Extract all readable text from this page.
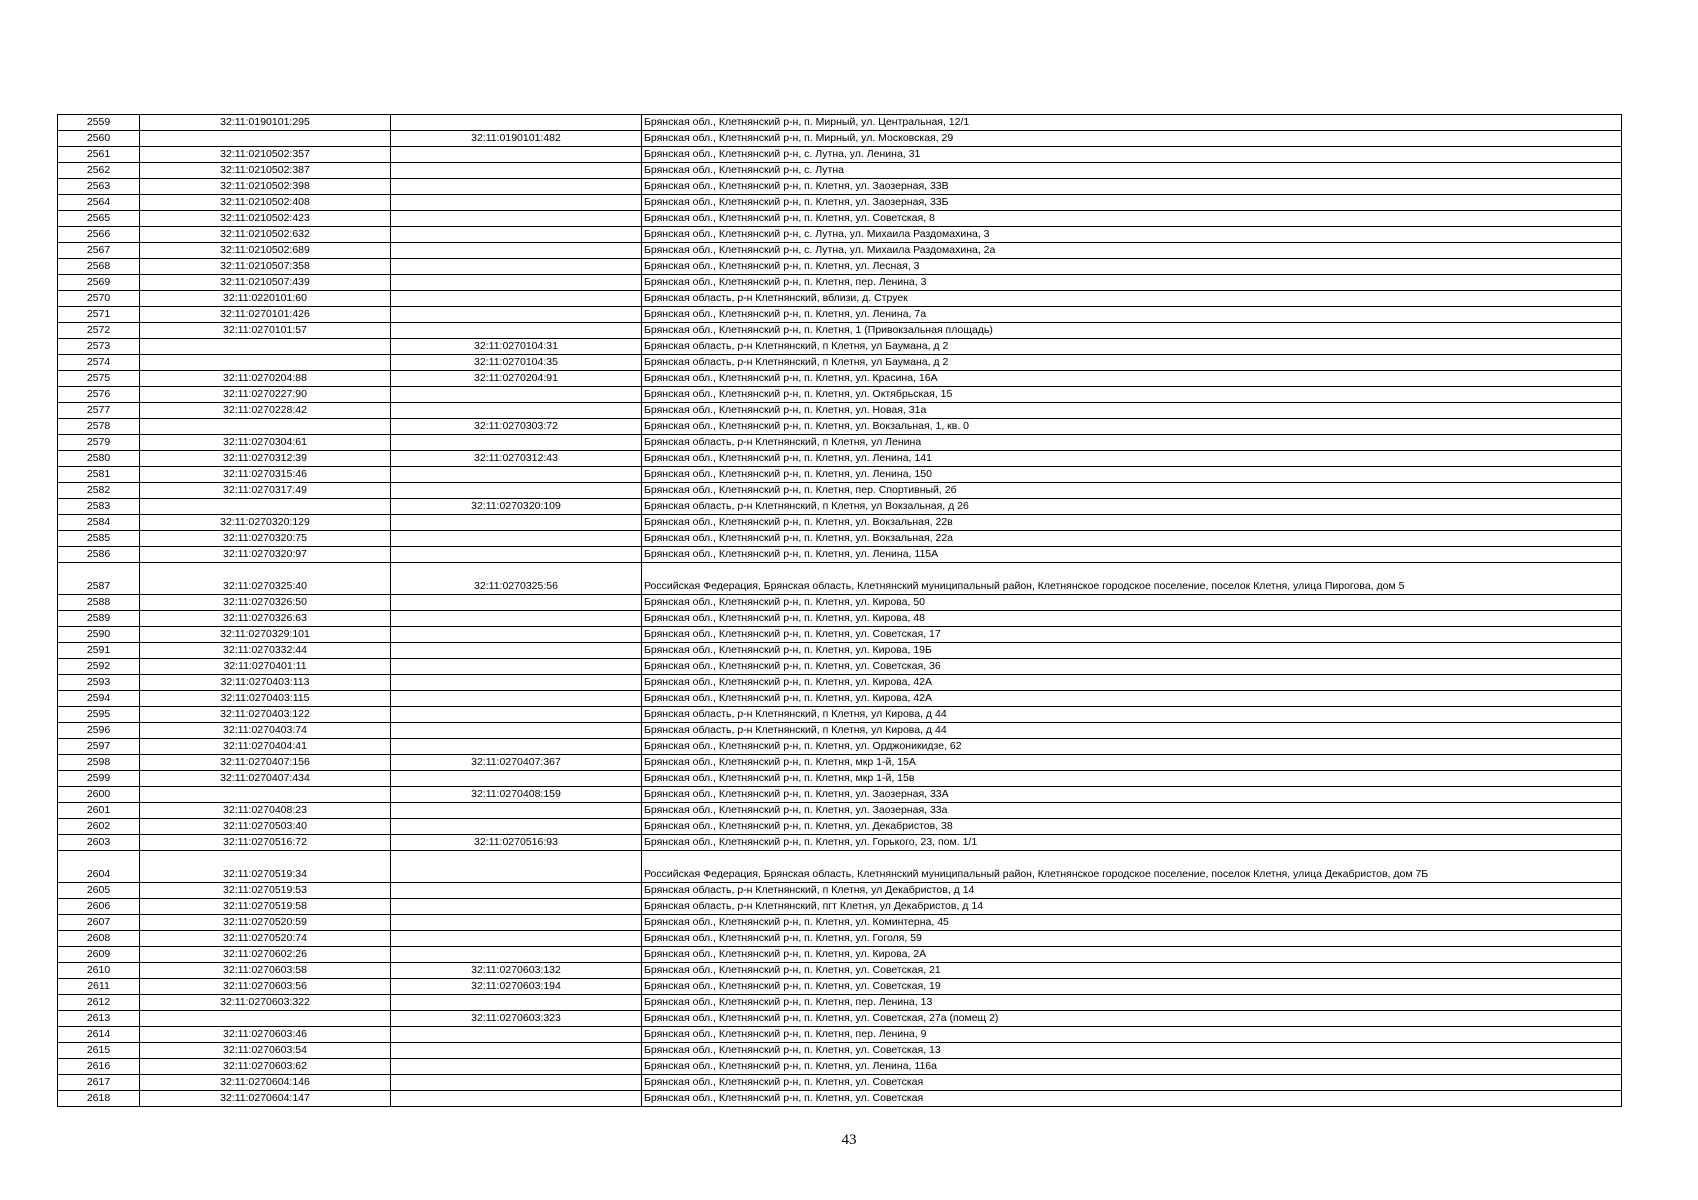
2559	32:11:0190101:295		Брянская обл., Клетнянский р-н, п. Мирный, ул. Центральная, 12/1
2560		32:11:0190101:482	Брянская обл., Клетнянский р-н, п. Мирный, ул. Московская, 29
2561	32:11:0210502:357		Брянская обл., Клетнянский р-н, с. Лутна, ул. Ленина, 31
2562	32:11:0210502:387		Брянская обл., Клетнянский р-н, с. Лутна
2563	32:11:0210502:398		Брянская обл., Клетнянский р-н, п. Клетня, ул. Заозерная, 33В
2564	32:11:0210502:408		Брянская обл., Клетнянский р-н, п. Клетня, ул. Заозерная, 33Б
2565	32:11:0210502:423		Брянская обл., Клетнянский р-н, п. Клетня, ул. Советская, 8
2566	32:11:0210502:632		Брянская обл., Клетнянский р-н, с. Лутна, ул. Михаила Раздомахина, 3
2567	32:11:0210502:689		Брянская обл., Клетнянский р-н, с. Лутна, ул. Михаила Раздомахина, 2а
2568	32:11:0210507:358		Брянская обл., Клетнянский р-н, п. Клетня, ул. Лесная, 3
2569	32:11:0210507:439		Брянская обл., Клетнянский р-н, п. Клетня, пер. Ленина, 3
2570	32:11:0220101:60		Брянская область, р-н Клетнянский, вблизи, д. Струек
2571	32:11:0270101:426		Брянская обл., Клетнянский р-н, п. Клетня, ул. Ленина, 7а
2572	32:11:0270101:57		Брянская обл., Клетнянский р-н, п. Клетня, 1 (Привокзальная площадь)
2573		32:11:0270104:31	Брянская область, р-н Клетнянский, п Клетня, ул Баумана, д 2
2574		32:11:0270104:35	Брянская область, р-н Клетнянский, п Клетня, ул Баумана, д 2
2575	32:11:0270204:88	32:11:0270204:91	Брянская обл., Клетнянский р-н, п. Клетня, ул. Красина, 16А
2576	32:11:0270227:90		Брянская обл., Клетнянский р-н, п. Клетня, ул. Октябрьская, 15
2577	32:11:0270228:42		Брянская обл., Клетнянский р-н, п. Клетня, ул. Новая, 31а
2578		32:11:0270303:72	Брянская обл., Клетнянский р-н, п. Клетня, ул. Вокзальная, 1, кв. 0
2579	32:11:0270304:61		Брянская область, р-н Клетнянский, п Клетня, ул Ленина
2580	32:11:0270312:39	32:11:0270312:43	Брянская обл., Клетнянский р-н, п. Клетня, ул. Ленина, 141
2581	32:11:0270315:46		Брянская обл., Клетнянский р-н, п. Клетня, ул. Ленина, 150
2582	32:11:0270317:49		Брянская обл., Клетнянский р-н, п. Клетня, пер. Спортивный, 2б
2583		32:11:0270320:109	Брянская область, р-н Клетнянский, п Клетня, ул Вокзальная, д 26
2584	32:11:0270320:129		Брянская обл., Клетнянский р-н, п. Клетня, ул. Вокзальная, 22в
2585	32:11:0270320:75		Брянская обл., Клетнянский р-н, п. Клетня, ул. Вокзальная, 22а
2586	32:11:0270320:97		Брянская обл., Клетнянский р-н, п. Клетня, ул. Ленина, 115А
2587	32:11:0270325:40	32:11:0270325:56	Российская Федерация, Брянская область, Клетнянский муниципальный район, Клетнянское городское поселение, поселок Клетня, улица Пирогова, дом 5
2588	32:11:0270326:50		Брянская обл., Клетнянский р-н, п. Клетня, ул. Кирова, 50
2589	32:11:0270326:63		Брянская обл., Клетнянский р-н, п. Клетня, ул. Кирова, 48
2590	32:11:0270329:101		Брянская обл., Клетнянский р-н, п. Клетня, ул. Советская, 17
2591	32:11:0270332:44		Брянская обл., Клетнянский р-н, п. Клетня, ул. Кирова, 19Б
2592	32:11:0270401:11		Брянская обл., Клетнянский р-н, п. Клетня, ул. Советская, 36
2593	32:11:0270403:113		Брянская обл., Клетнянский р-н, п. Клетня, ул. Кирова, 42А
2594	32:11:0270403:115		Брянская обл., Клетнянский р-н, п. Клетня, ул. Кирова, 42А
2595	32:11:0270403:122		Брянская область, р-н Клетнянский, п Клетня, ул Кирова, д 44
2596	32:11:0270403:74		Брянская область, р-н Клетнянский, п Клетня, ул Кирова, д 44
2597	32:11:0270404:41		Брянская обл., Клетнянский р-н, п. Клетня, ул. Орджоникидзе, 62
2598	32:11:0270407:156	32:11:0270407:367	Брянская обл., Клетнянский р-н, п. Клетня, мкр 1-й, 15А
2599	32:11:0270407:434		Брянская обл., Клетнянский р-н, п. Клетня, мкр 1-й, 15в
2600		32:11:0270408:159	Брянская обл., Клетнянский р-н, п. Клетня, ул. Заозерная, 33А
2601	32:11:0270408:23		Брянская обл., Клетнянский р-н, п. Клетня, ул. Заозерная, 33а
2602	32:11:0270503:40		Брянская обл., Клетнянский р-н, п. Клетня, ул. Декабристов, 38
2603	32:11:0270516:72	32:11:0270516:93	Брянская обл., Клетнянский р-н, п. Клетня, ул. Горького, 23, пом. 1/1
2604	32:11:0270519:34		Российская Федерация, Брянская область, Клетнянский муниципальный район, Клетнянское городское поселение, поселок Клетня, улица Декабристов, дом 7Б
2605	32:11:0270519:53		Брянская область, р-н Клетнянский, п Клетня, ул Декабристов, д 14
2606	32:11:0270519:58		Брянская область, р-н Клетнянский, пгт Клетня, ул Декабристов, д 14
2607	32:11:0270520:59		Брянская обл., Клетнянский р-н, п. Клетня, ул. Коминтерна, 45
2608	32:11:0270520:74		Брянская обл., Клетнянский р-н, п. Клетня, ул. Гоголя, 59
2609	32:11:0270602:26		Брянская обл., Клетнянский р-н, п. Клетня, ул. Кирова, 2А
2610	32:11:0270603:58	32:11:0270603:132	Брянская обл., Клетнянский р-н, п. Клетня, ул. Советская, 21
2611	32:11:0270603:56	32:11:0270603:194	Брянская обл., Клетнянский р-н, п. Клетня, ул. Советская, 19
2612	32:11:0270603:322		Брянская обл., Клетнянский р-н, п. Клетня, пер. Ленина, 13
2613		32:11:0270603:323	Брянская обл., Клетнянский р-н, п. Клетня, ул. Советская, 27а (помещ 2)
2614	32:11:0270603:46		Брянская обл., Клетнянский р-н, п. Клетня, пер. Ленина, 9
2615	32:11:0270603:54		Брянская обл., Клетнянский р-н, п. Клетня, ул. Советская, 13
2616	32:11:0270603:62		Брянская обл., Клетнянский р-н, п. Клетня, ул. Ленина, 116а
2617	32:11:0270604:146		Брянская обл., Клетнянский р-н, п. Клетня, ул. Советская
2618	32:11:0270604:147		Брянская обл., Клетнянский р-н, п. Клетня, ул. Советская
43
